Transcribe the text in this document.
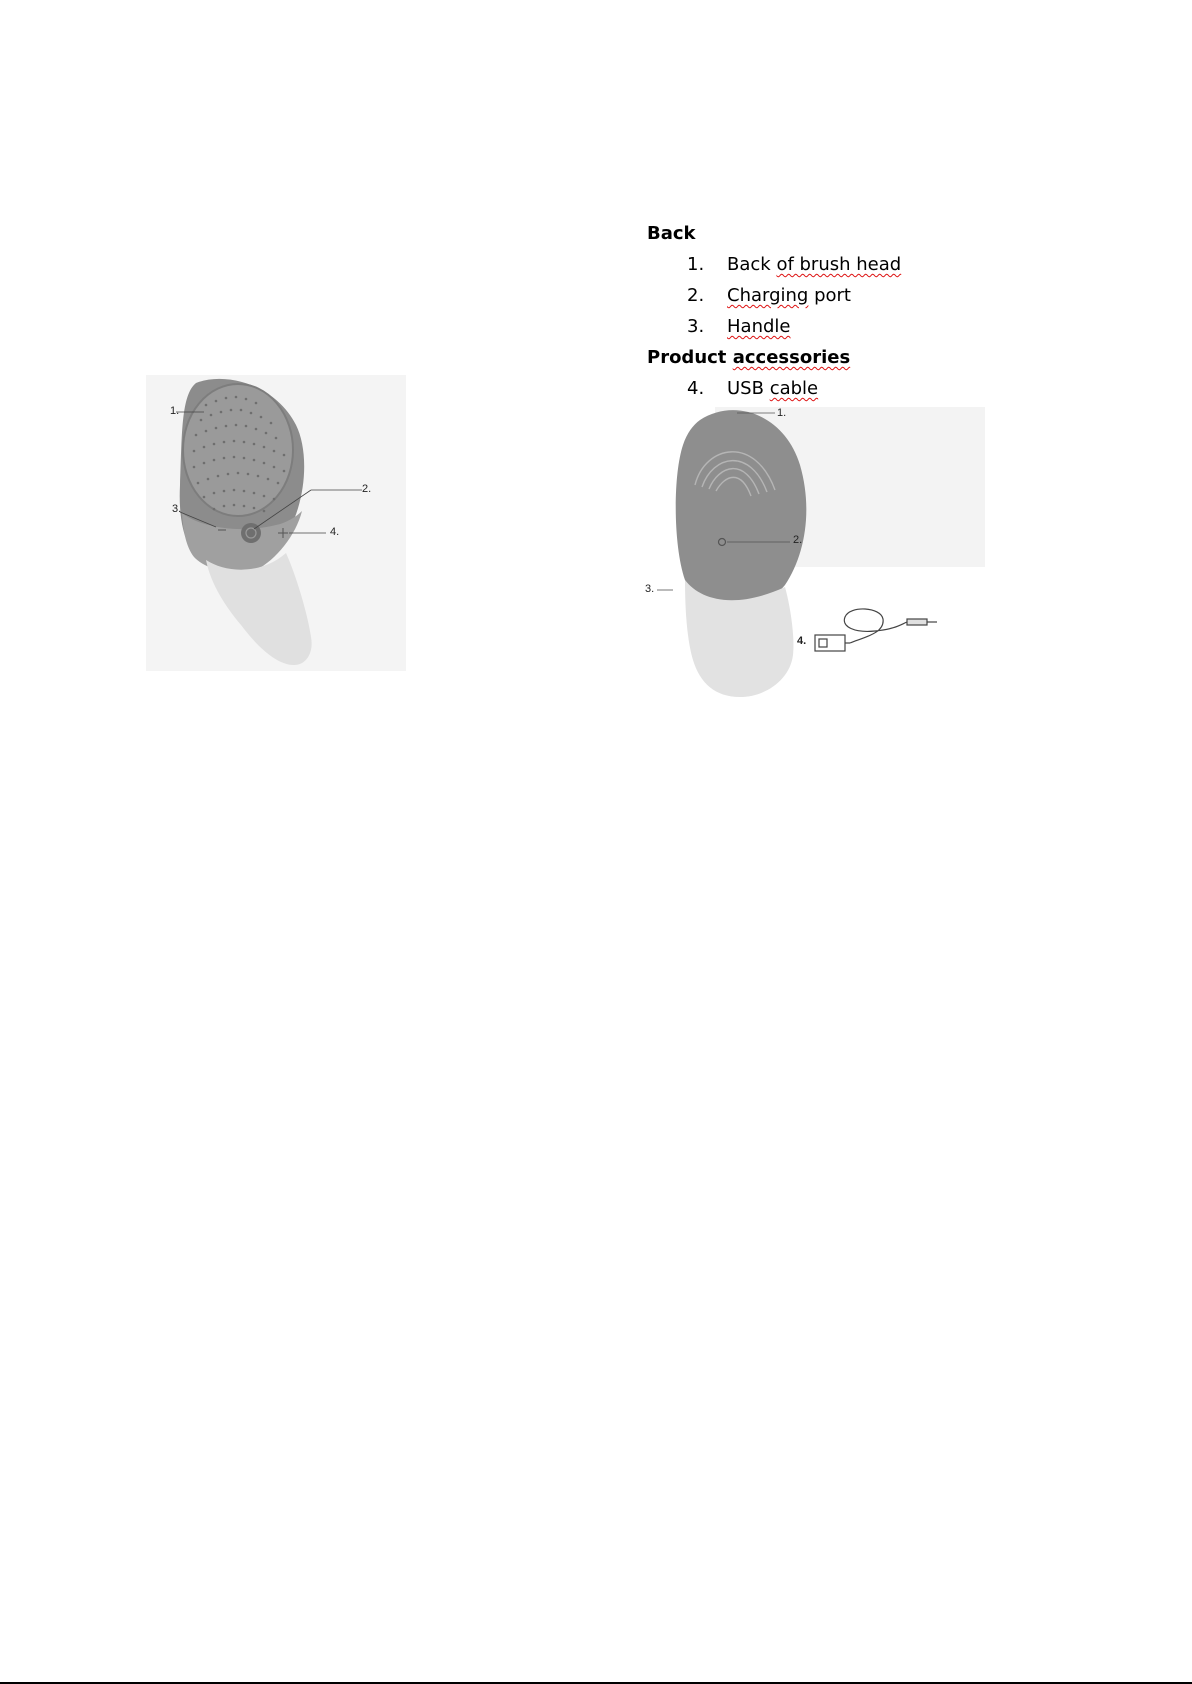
1.
2.
3.
4.
Back
1.	Back of brush head
2.	Charging port
3.	Handle
Product accessories
4.	USB cable
1.
2.
3.
4.
